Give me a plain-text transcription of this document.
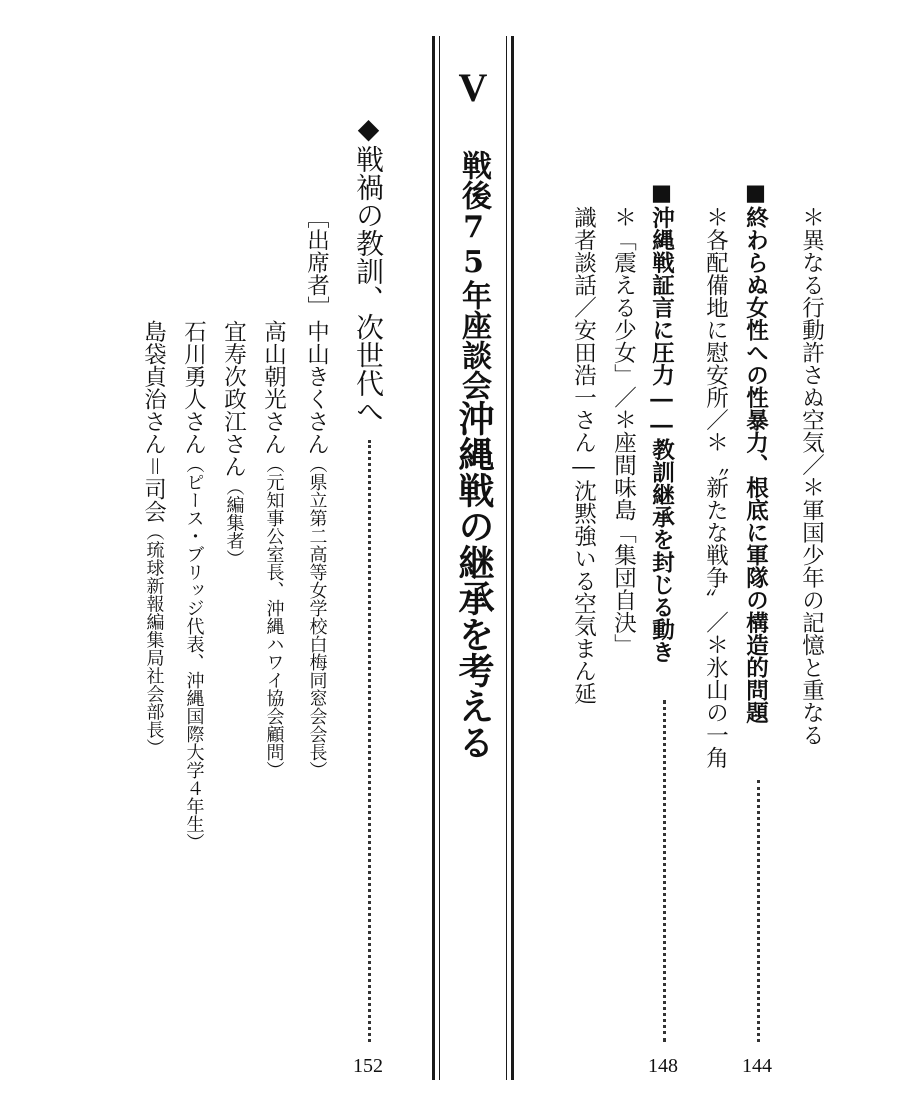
＊異なる行動許さぬ空気／＊軍国少年の記憶と重なる
■終わらぬ女性への性暴力、根底に軍隊の構造的問題
144
＊各配備地に慰安所／＊〝新たな戦争〟／＊氷山の一角
■沖縄戦証言に圧力――教訓継承を封じる動き
148
＊「震える少女」／＊座間味島「集団自決」
識者談話／安田浩一さん―沈黙強いる空気まん延
V
戦後75年座談会
沖縄戦の継承を考える
◆戦禍の教訓、次世代へ
152
［出席者］
中山きくさん（県立第二高等女学校白梅同窓会会長）
高山朝光さん（元知事公室長、沖縄ハワイ協会顧問）
宜寿次政江さん（編集者）
石川勇人さん（ピース・ブリッジ代表、沖縄国際大学４年生）
島袋貞治さん＝司会（琉球新報編集局社会部長）
